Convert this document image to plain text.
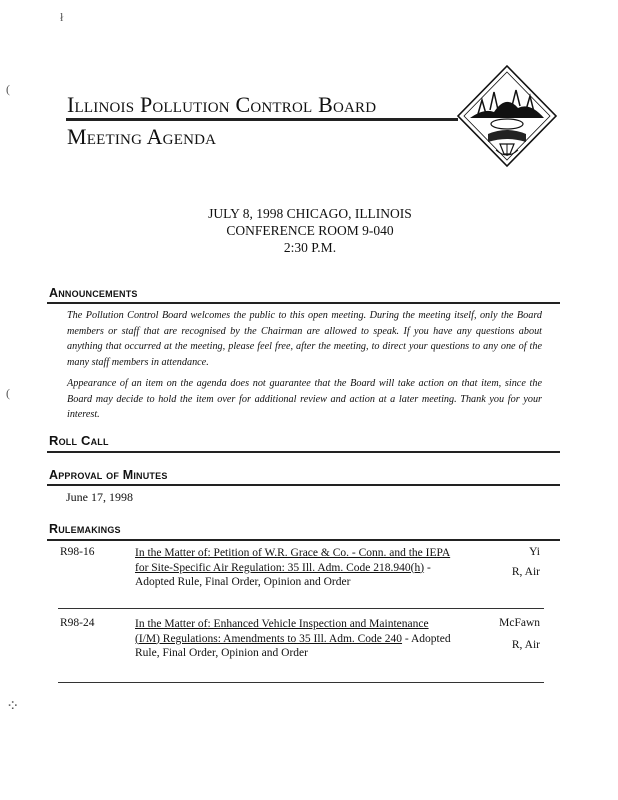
ł
(
(
⁘
Illinois Pollution Control Board
Meeting Agenda
JULY 8, 1998 CHICAGO, ILLINOIS
CONFERENCE ROOM 9-040
2:30 P.M.
Announcements

The Pollution Control Board welcomes the public to this open meeting. During the meeting itself, only the Board members or staff that are recognised by the Chairman are allowed to speak. If you have any questions about anything that occurred at the meeting, please feel free, after the meeting, to direct your questions to any one of the many staff members in attendance.

Appearance of an item on the agenda does not guarantee that the Board will take action on that item, since the Board may decide to hold the item over for additional review and action at a later meeting. Thank you for your interest.

Roll Call
Approval of Minutes
June 17, 1998
Rulemakings
R98-16	In the Matter of: Petition of W.R. Grace & Co. - Conn. and the IEPA for Site-Specific Air Regulation: 35 Ill. Adm. Code 218.940(h) - Adopted Rule, Final Order, Opinion and Order
Yi
R, Air
R98-24	In the Matter of: Enhanced Vehicle Inspection and Maintenance (I/M) Regulations: Amendments to 35 Ill. Adm. Code 240 - Adopted Rule, Final Order, Opinion and Order
McFawn
R, Air
